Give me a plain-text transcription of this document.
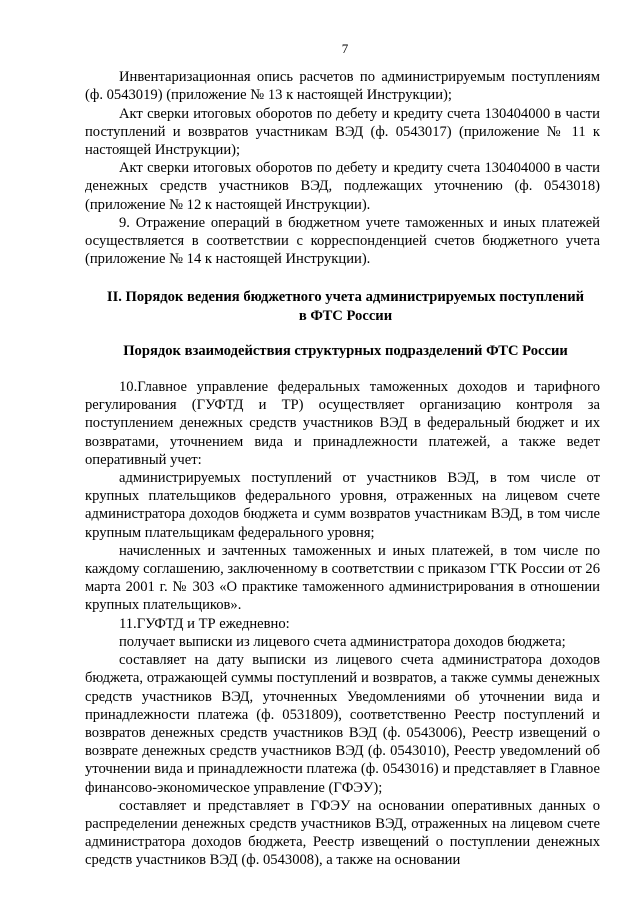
7

Инвентаризационная опись расчетов по администрируемым поступлениям (ф. 0543019) (приложение № 13 к настоящей Инструкции);

Акт сверки итоговых оборотов по дебету и кредиту счета 130404000 в части поступлений и возвратов участникам ВЭД (ф. 0543017) (приложение № 11 к настоящей Инструкции);

Акт сверки итоговых оборотов по дебету и кредиту счета 130404000 в части денежных средств участников ВЭД, подлежащих уточнению (ф. 0543018) (приложение № 12 к настоящей Инструкции).

9. Отражение операций в бюджетном учете таможенных и иных платежей осуществляется в соответствии с корреспонденцией счетов бюджетного учета (приложение № 14 к настоящей Инструкции).

II. Порядок ведения бюджетного учета администрируемых поступлений
в ФТС России
Порядок взаимодействия структурных подразделений ФТС России

10.Главное управление федеральных таможенных доходов и тарифного регулирования (ГУФТД и ТР) осуществляет организацию контроля за поступлением денежных средств участников ВЭД в федеральный бюджет и их возвратами, уточнением вида и принадлежности платежей, а также ведет оперативный учет:

администрируемых поступлений от участников ВЭД, в том числе от крупных плательщиков федерального уровня, отраженных на лицевом счете администратора доходов бюджета и сумм возвратов участникам ВЭД, в том числе крупным плательщикам федерального уровня;

начисленных и зачтенных таможенных и иных платежей, в том числе по каждому соглашению, заключенному в соответствии с приказом ГТК России от 26 марта 2001 г. № 303 «О практике таможенного администрирования в отношении крупных плательщиков».

11.ГУФТД и ТР ежедневно:

получает выписки из лицевого счета администратора доходов бюджета;

составляет на дату выписки из лицевого счета администратора доходов бюджета, отражающей суммы поступлений и возвратов, а также суммы денежных средств участников ВЭД, уточненных Уведомлениями об уточнении вида и принадлежности платежа (ф. 0531809), соответственно Реестр поступлений и возвратов денежных средств участников ВЭД (ф. 0543006), Реестр извещений о возврате денежных средств участников ВЭД (ф. 0543010), Реестр уведомлений об уточнении вида и принадлежности платежа (ф. 0543016) и представляет в Главное финансово-экономическое управление (ГФЭУ);

составляет и представляет в ГФЭУ на основании оперативных данных о распределении денежных средств участников ВЭД, отраженных на лицевом счете администратора доходов бюджета, Реестр извещений о поступлении денежных средств участников ВЭД (ф. 0543008), а также на основании
